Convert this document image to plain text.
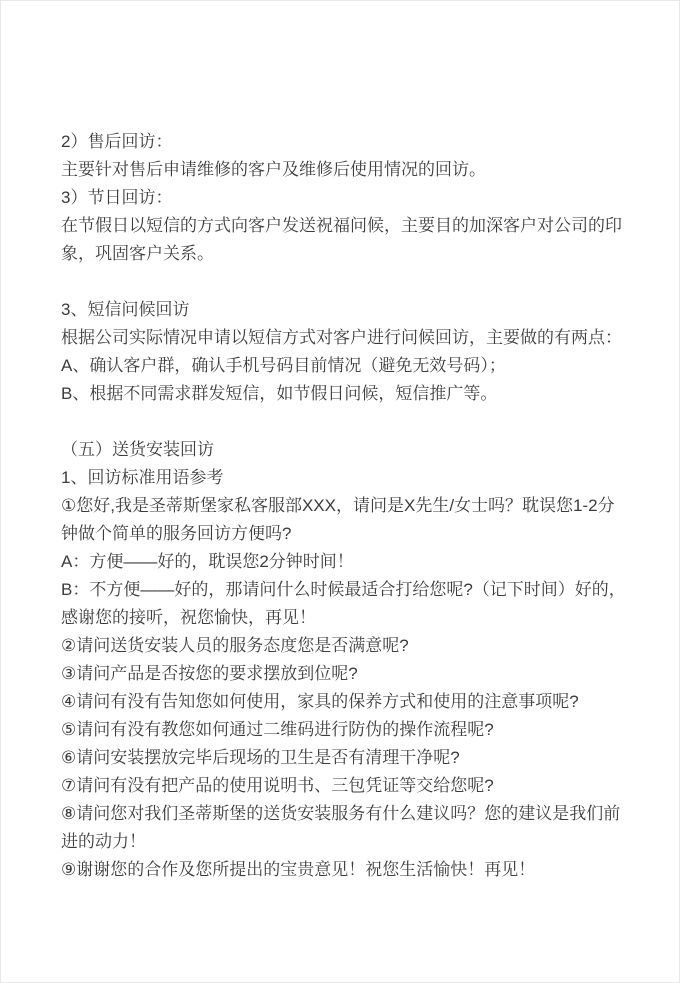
2）售后回访：

主要针对售后申请维修的客户及维修后使用情况的回访。

3）节日回访：

在节假日以短信的方式向客户发送祝福问候，主要目的加深客户对公司的印象，巩固客户关系。

3、短信问候回访

根据公司实际情况申请以短信方式对客户进行问候回访，主要做的有两点：

A、确认客户群，确认手机号码目前情况（避免无效号码）；

B、根据不同需求群发短信，如节假日问候，短信推广等。

（五）送货安装回访

1、回访标准用语参考

①您好,我是圣蒂斯堡家私客服部XXX，请问是X先生/女士吗？耽误您1-2分钟做个简单的服务回访方便吗?

A：方便——好的，耽误您2分钟时间！

B：不方便——好的，那请问什么时候最适合打给您呢?（记下时间）好的，感谢您的接听，祝您愉快，再见！

②请问送货安装人员的服务态度您是否满意呢?

③请问产品是否按您的要求摆放到位呢?

④请问有没有告知您如何使用，家具的保养方式和使用的注意事项呢?

⑤请问有没有教您如何通过二维码进行防伪的操作流程呢?

⑥请问安装摆放完毕后现场的卫生是否有清理干净呢?

⑦请问有没有把产品的使用说明书、三包凭证等交给您呢?

⑧请问您对我们圣蒂斯堡的送货安装服务有什么建议吗？您的建议是我们前进的动力！

⑨谢谢您的合作及您所提出的宝贵意见！祝您生活愉快！再见！
